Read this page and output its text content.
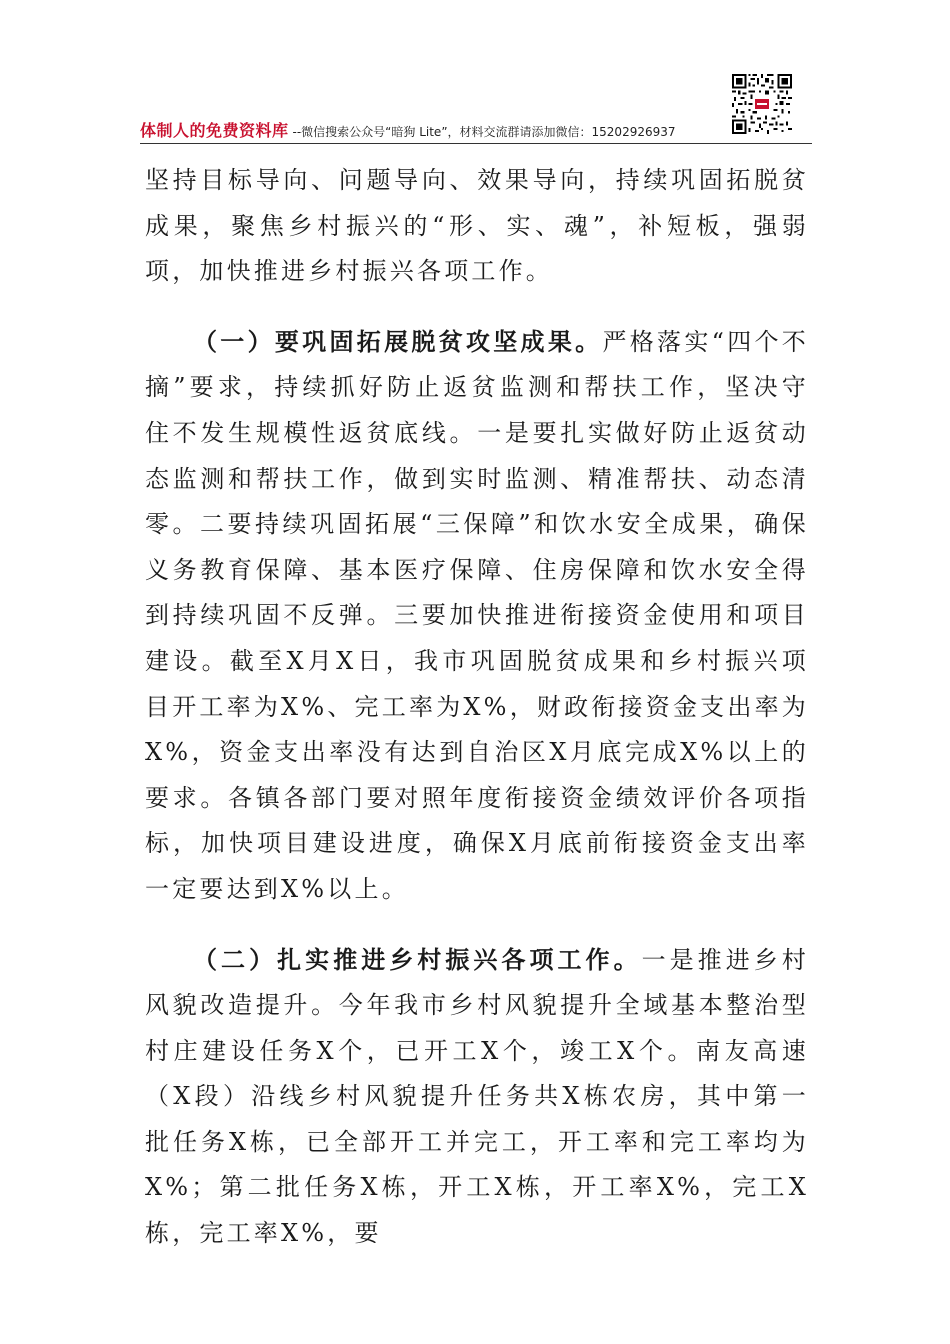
体制人的免费资料库 --微信搜索公众号“暗狗 Lite”，材料交流群请添加微信：15202926937

坚持目标导向、问题导向、效果导向，持续巩固拓脱贫成果，聚焦乡村振兴的“形、实、魂”，补短板，强弱项，加快推进乡村振兴各项工作。

（一）要巩固拓展脱贫攻坚成果。严格落实“四个不摘”要求，持续抓好防止返贫监测和帮扶工作，坚决守住不发生规模性返贫底线。一是要扎实做好防止返贫动态监测和帮扶工作，做到实时监测、精准帮扶、动态清零。二要持续巩固拓展“三保障”和饮水安全成果，确保义务教育保障、基本医疗保障、住房保障和饮水安全得到持续巩固不反弹。三要加快推进衔接资金使用和项目建设。截至X月X日，我市巩固脱贫成果和乡村振兴项目开工率为X%、完工率为X%，财政衔接资金支出率为X%，资金支出率没有达到自治区X月底完成X%以上的要求。各镇各部门要对照年度衔接资金绩效评价各项指标，加快项目建设进度，确保X月底前衔接资金支出率一定要达到X%以上。

（二）扎实推进乡村振兴各项工作。一是推进乡村风貌改造提升。今年我市乡村风貌提升全域基本整治型村庄建设任务X个，已开工X个，竣工X个。南友高速（X段）沿线乡村风貌提升任务共X栋农房，其中第一批任务X栋，已全部开工并完工，开工率和完工率均为X%；第二批任务X栋，开工X栋，开工率X%，完工X栋，完工率X%，要
